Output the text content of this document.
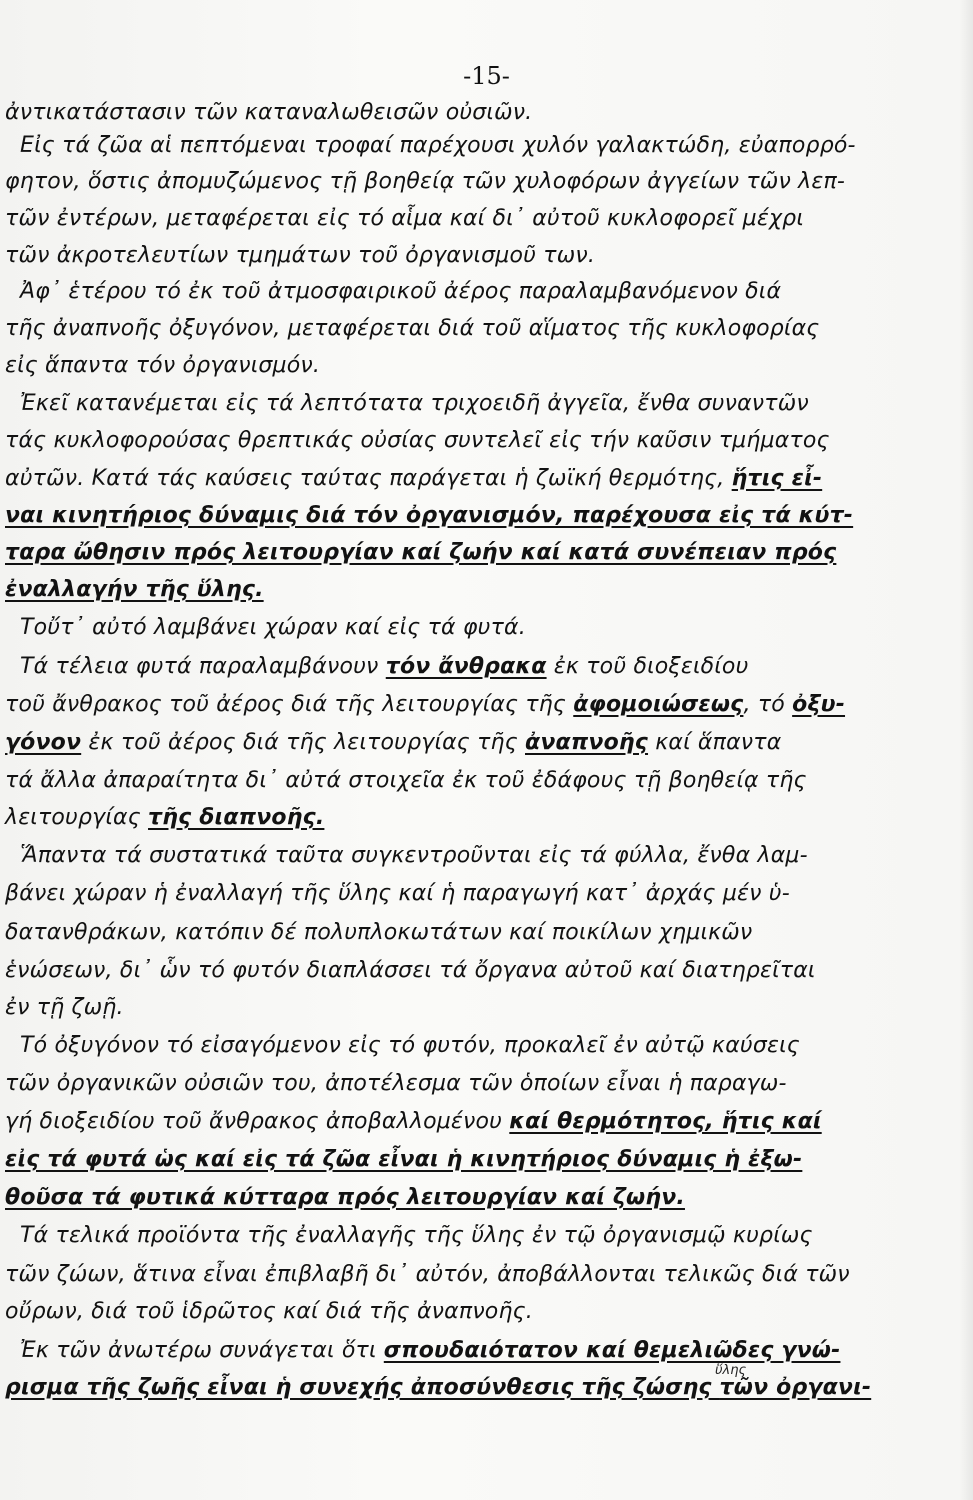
-15-
ἀντικατάστασιν τῶν καταναλωθεισῶν οὐσιῶν.
Εἰς τά ζῶα αἱ πεπτόμεναι τροφαί παρέχουσι χυλόν γαλακτώδη, εὐαπορρό-
φητον, ὅστις ἀπομυζώμενος τῇ βοηθείᾳ τῶν χυλοφόρων ἀγγείων τῶν λεπ-
τῶν ἐντέρων, μεταφέρεται εἰς τό αἷμα καί δι᾽ αὐτοῦ κυκλοφορεῖ μέχρι
τῶν ἀκροτελευτίων τμημάτων τοῦ ὀργανισμοῦ των.
Ἀφ᾽ ἑτέρου τό ἐκ τοῦ ἀτμοσφαιρικοῦ ἀέρος παραλαμβανόμενον διά
τῆς ἀναπνοῆς ὀξυγόνον, μεταφέρεται διά τοῦ αἵματος τῆς κυκλοφορίας
εἰς ἅπαντα τόν ὀργανισμόν.
Ἐκεῖ κατανέμεται εἰς τά λεπτότατα τριχοειδῆ ἀγγεῖα, ἔνθα συναντῶν
τάς κυκλοφορούσας θρεπτικάς οὐσίας συντελεῖ εἰς τήν καῦσιν τμήματος
αὐτῶν. Κατά τάς καύσεις ταύτας παράγεται ἡ ζωϊκή θερμότης, ἥτις εἶ-
ναι κινητήριος δύναμις διά τόν ὀργανισμόν, παρέχουσα εἰς τά κύτ-
ταρα ὤθησιν πρός λειτουργίαν καί ζωήν καί κατά συνέπειαν πρός
ἐναλλαγήν τῆς ὕλης.
Τοὔτ᾽ αὐτό λαμβάνει χώραν καί εἰς τά φυτά.
Τά τέλεια φυτά παραλαμβάνουν τόν ἄνθρακα ἐκ τοῦ διοξειδίου
τοῦ ἄνθρακος τοῦ ἀέρος διά τῆς λειτουργίας τῆς ἀφομοιώσεως, τό ὀξυ-
γόνον ἐκ τοῦ ἀέρος διά τῆς λειτουργίας τῆς ἀναπνοῆς καί ἅπαντα
τά ἄλλα ἀπαραίτητα δι᾽ αὐτά στοιχεῖα ἐκ τοῦ ἐδάφους τῇ βοηθείᾳ τῆς
λειτουργίας τῆς διαπνοῆς.
Ἅπαντα τά συστατικά ταῦτα συγκεντροῦνται εἰς τά φύλλα, ἔνθα λαμ-
βάνει χώραν ἡ ἐναλλαγή τῆς ὕλης καί ἡ παραγωγή κατ᾽ ἀρχάς μέν ὑ-
δατανθράκων, κατόπιν δέ πολυπλοκωτάτων καί ποικίλων χημικῶν
ἑνώσεων, δι᾽ ὧν τό φυτόν διαπλάσσει τά ὄργανα αὐτοῦ καί διατηρεῖται
ἐν τῇ ζωῇ.
Τό ὀξυγόνον τό εἰσαγόμενον εἰς τό φυτόν, προκαλεῖ ἐν αὐτῷ καύσεις
τῶν ὀργανικῶν οὐσιῶν του, ἀποτέλεσμα τῶν ὁποίων εἶναι ἡ παραγω-
γή διοξειδίου τοῦ ἄνθρακος ἀποβαλλομένου καί θερμότητος, ἥτις καί
εἰς τά φυτά ὡς καί εἰς τά ζῶα εἶναι ἡ κινητήριος δύναμις ἡ ἐξω-
θοῦσα τά φυτικά κύτταρα πρός λειτουργίαν καί ζωήν.
Τά τελικά προϊόντα τῆς ἐναλλαγῆς τῆς ὕλης ἐν τῷ ὀργανισμῷ κυρίως
τῶν ζώων, ἅτινα εἶναι ἐπιβλαβῆ δι᾽ αὐτόν, ἀποβάλλονται τελικῶς διά τῶν
οὔρων, διά τοῦ ἱδρῶτος καί διά τῆς ἀναπνοῆς.
Ἐκ τῶν ἀνωτέρω συνάγεται ὅτι σπουδαιότατον καί θεμελιῶδες γνώ-
ρισμα τῆς ζωῆς εἶναι ἡ συνεχής ἀποσύνθεσις τῆς ζώσης τῶν ὀργανι-
ὕλης
